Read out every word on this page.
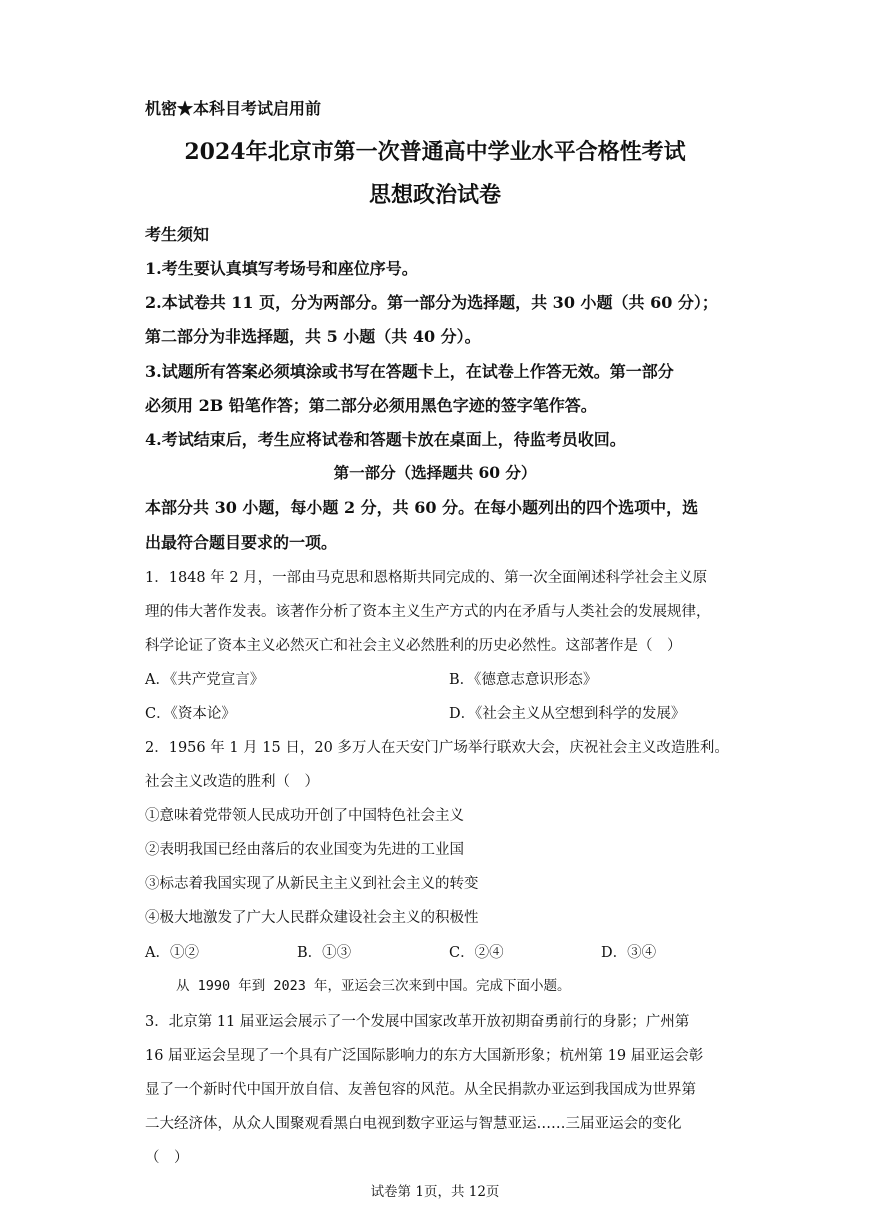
机密★本科目考试启用前
2024年北京市第一次普通高中学业水平合格性考试
思想政治试卷
考生须知
1.考生要认真填写考场号和座位序号。
2.本试卷共 11 页，分为两部分。第一部分为选择题，共 30 小题（共 60 分）；
第二部分为非选择题，共 5 小题（共 40 分）。
3.试题所有答案必须填涂或书写在答题卡上，在试卷上作答无效。第一部分
必须用 2B 铅笔作答；第二部分必须用黑色字迹的签字笔作答。
4.考试结束后，考生应将试卷和答题卡放在桌面上，待监考员收回。
第一部分（选择题共 60 分）
本部分共 30 小题，每小题 2 分，共 60 分。在每小题列出的四个选项中，选
出最符合题目要求的一项。
1．1848 年 2 月，一部由马克思和恩格斯共同完成的、第一次全面阐述科学社会主义原
理的伟大著作发表。该著作分析了资本主义生产方式的内在矛盾与人类社会的发展规律，
科学论证了资本主义必然灭亡和社会主义必然胜利的历史必然性。这部著作是（　）
A．《共产党宣言》	B．《德意志意识形态》
C．《资本论》	D．《社会主义从空想到科学的发展》
2．1956 年 1 月 15 日，20 多万人在天安门广场举行联欢大会，庆祝社会主义改造胜利。
社会主义改造的胜利（　）
①意味着党带领人民成功开创了中国特色社会主义
②表明我国已经由落后的农业国变为先进的工业国
③标志着我国实现了从新民主主义到社会主义的转变
④极大地激发了广大人民群众建设社会主义的积极性
A．①②	B．①③	C．②④	D．③④
从 1990 年到 2023 年，亚运会三次来到中国。完成下面小题。
3．北京第 11 届亚运会展示了一个发展中国家改革开放初期奋勇前行的身影；广州第
16 届亚运会呈现了一个具有广泛国际影响力的东方大国新形象；杭州第 19 届亚运会彰
显了一个新时代中国开放自信、友善包容的风范。从全民捐款办亚运到我国成为世界第
二大经济体，从众人围聚观看黑白电视到数字亚运与智慧亚运……三届亚运会的变化
（　）
试卷第 1页，共 12页
